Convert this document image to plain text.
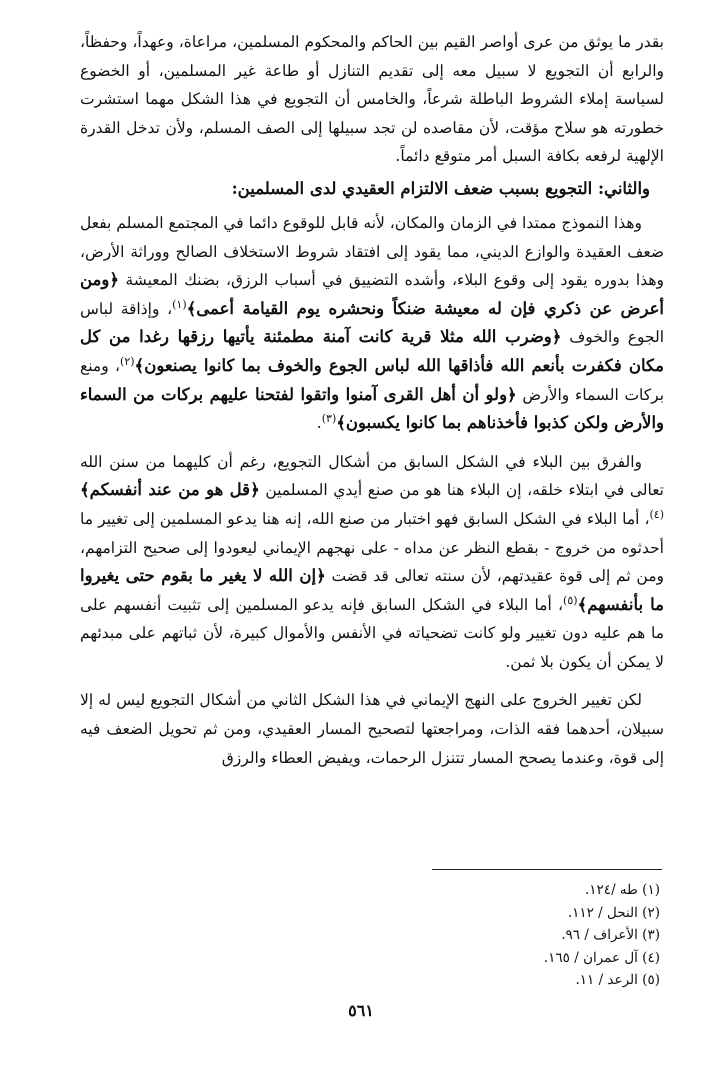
بقدر ما يوثق من عرى أواصر القيم بين الحاكم والمحكوم المسلمين، مراعاة، وعهداً، وحفظاً، والرابع أن التجويع لا سبيل معه إلى تقديم التنازل أو طاعة غير المسلمين، أو الخضوع لسياسة إملاء الشروط الباطلة شرعاً، والخامس أن التجويع في هذا الشكل مهما استشرت خطورته هو سلاح مؤقت، لأن مقاصده لن تجد سبيلها إلى الصف المسلم، ولأن تدخل القدرة الإلهية لرفعه بكافة السبل أمر متوقع دائماً.

والثاني: التجويع بسبب ضعف الالتزام العقيدي لدى المسلمين:

وهذا النموذج ممتدا في الزمان والمكان، لأنه قابل للوقوع دائما في المجتمع المسلم بفعل ضعف العقيدة والوازع الديني، مما يقود إلى افتقاد شروط الاستخلاف الصالح ووراثة الأرض، وهذا بدوره يقود إلى وقوع البلاء، وأشده التضييق في أسباب الرزق، بضنك المعيشة ﴿ومن أعرض عن ذكري فإن له معيشة ضنكاً ونحشره يوم القيامة أعمى﴾$^{(١)}$، وإذاقة لباس الجوع والخوف ﴿وضرب الله مثلا قرية كانت آمنة مطمئنة يأتيها رزقها رغدا من كل مكان فكفرت بأنعم الله فأذاقها الله لباس الجوع والخوف بما كانوا يصنعون﴾$^{(٢)}$، ومنع بركات السماء والأرض ﴿ولو أن أهل القرى آمنوا واتقوا لفتحنا عليهم بركات من السماء والأرض ولكن كذبوا فأخذناهم بما كانوا يكسبون﴾$^{(٣)}$.

والفرق بين البلاء في الشكل السابق من أشكال التجويع، رغم أن كليهما من سنن الله تعالى في ابتلاء خلقه، إن البلاء هنا هو من صنع أيدي المسلمين ﴿قل هو من عند أنفسكم﴾$^{(٤)}$، أما البلاء في الشكل السابق فهو اختبار من صنع الله، إنه هنا يدعو المسلمين إلى تغيير ما أحدثوه من خروج - بقطع النظر عن مداه - على نهجهم الإيماني ليعودوا إلى صحيح التزامهم، ومن ثم إلى قوة عقيدتهم، لأن سنته تعالى قد قضت ﴿إن الله لا يغير ما بقوم حتى يغيروا ما بأنفسهم﴾$^{(٥)}$، أما البلاء في الشكل السابق فإنه يدعو المسلمين إلى تثبيت أنفسهم على ما هم عليه دون تغيير ولو كانت تضحياته في الأنفس والأموال كبيرة، لأن ثباتهم على مبدئهم لا يمكن أن يكون بلا ثمن.

لكن تغيير الخروج على النهج الإيماني في هذا الشكل الثاني من أشكال التجويع ليس له إلا سبيلان، أحدهما فقه الذات، ومراجعتها لتصحيح المسار العقيدي، ومن ثم تحويل الضعف فيه إلى قوة، وعندما يصحح المسار تتنزل الرحمات، ويفيض العطاء والرزق

(١) طه /١٢٤.
(٢) النحل / ١١٢.
(٣) الأعراف / ٩٦.
(٤) آل عمران / ١٦٥.
(٥) الرعد / ١١.
٥٦١
